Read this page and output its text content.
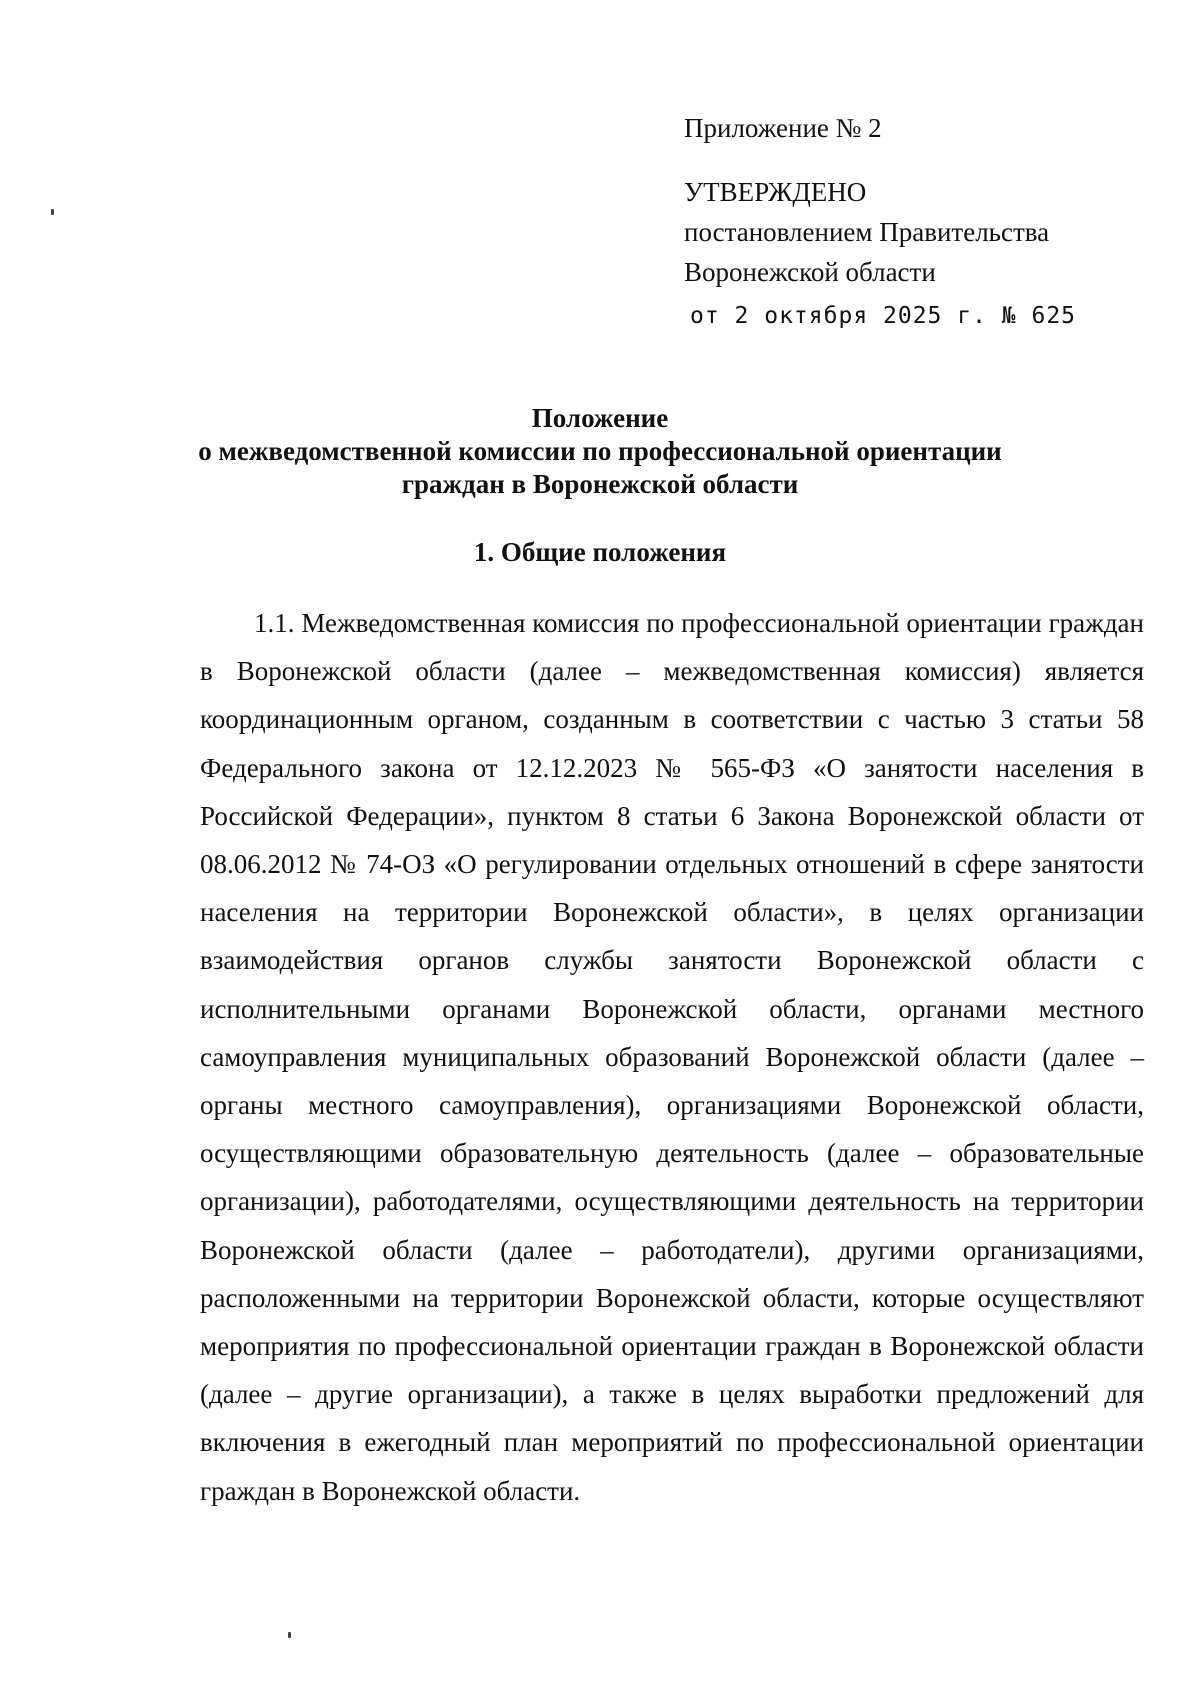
Приложение № 2
УТВЕРЖДЕНО
постановлением Правительства
Воронежской области
от 2 октября 2025 г. № 625
Положение
о межведомственной комиссии по профессиональной ориентации
граждан в Воронежской области
1. Общие положения

1.1. Межведомственная комиссия по профессиональной ориентации граждан в Воронежской области (далее – межведомственная комиссия) является координационным органом, созданным в соответствии с частью 3 статьи 58 Федерального закона от 12.12.2023 № 565-ФЗ «О занятости населения в Российской Федерации», пунктом 8 статьи 6 Закона Воронежской области от 08.06.2012 № 74-ОЗ «О регулировании отдельных отношений в сфере занятости населения на территории Воронежской области», в целях организации взаимодействия органов службы занятости Воронежской области с исполнительными органами Воронежской области, органами местного самоуправления муниципальных образований Воронежской области (далее – органы местного самоуправления), организациями Воронежской области, осуществляющими образовательную деятельность (далее – образовательные организации), работодателями, осуществляющими деятельность на территории Воронежской области (далее – работодатели), другими организациями, расположенными на территории Воронежской области, которые осуществляют мероприятия по профессиональной ориентации граждан в Воронежской области (далее – другие организации), а также в целях выработки предложений для включения в ежегодный план мероприятий по профессиональной ориентации граждан в Воронежской области.
